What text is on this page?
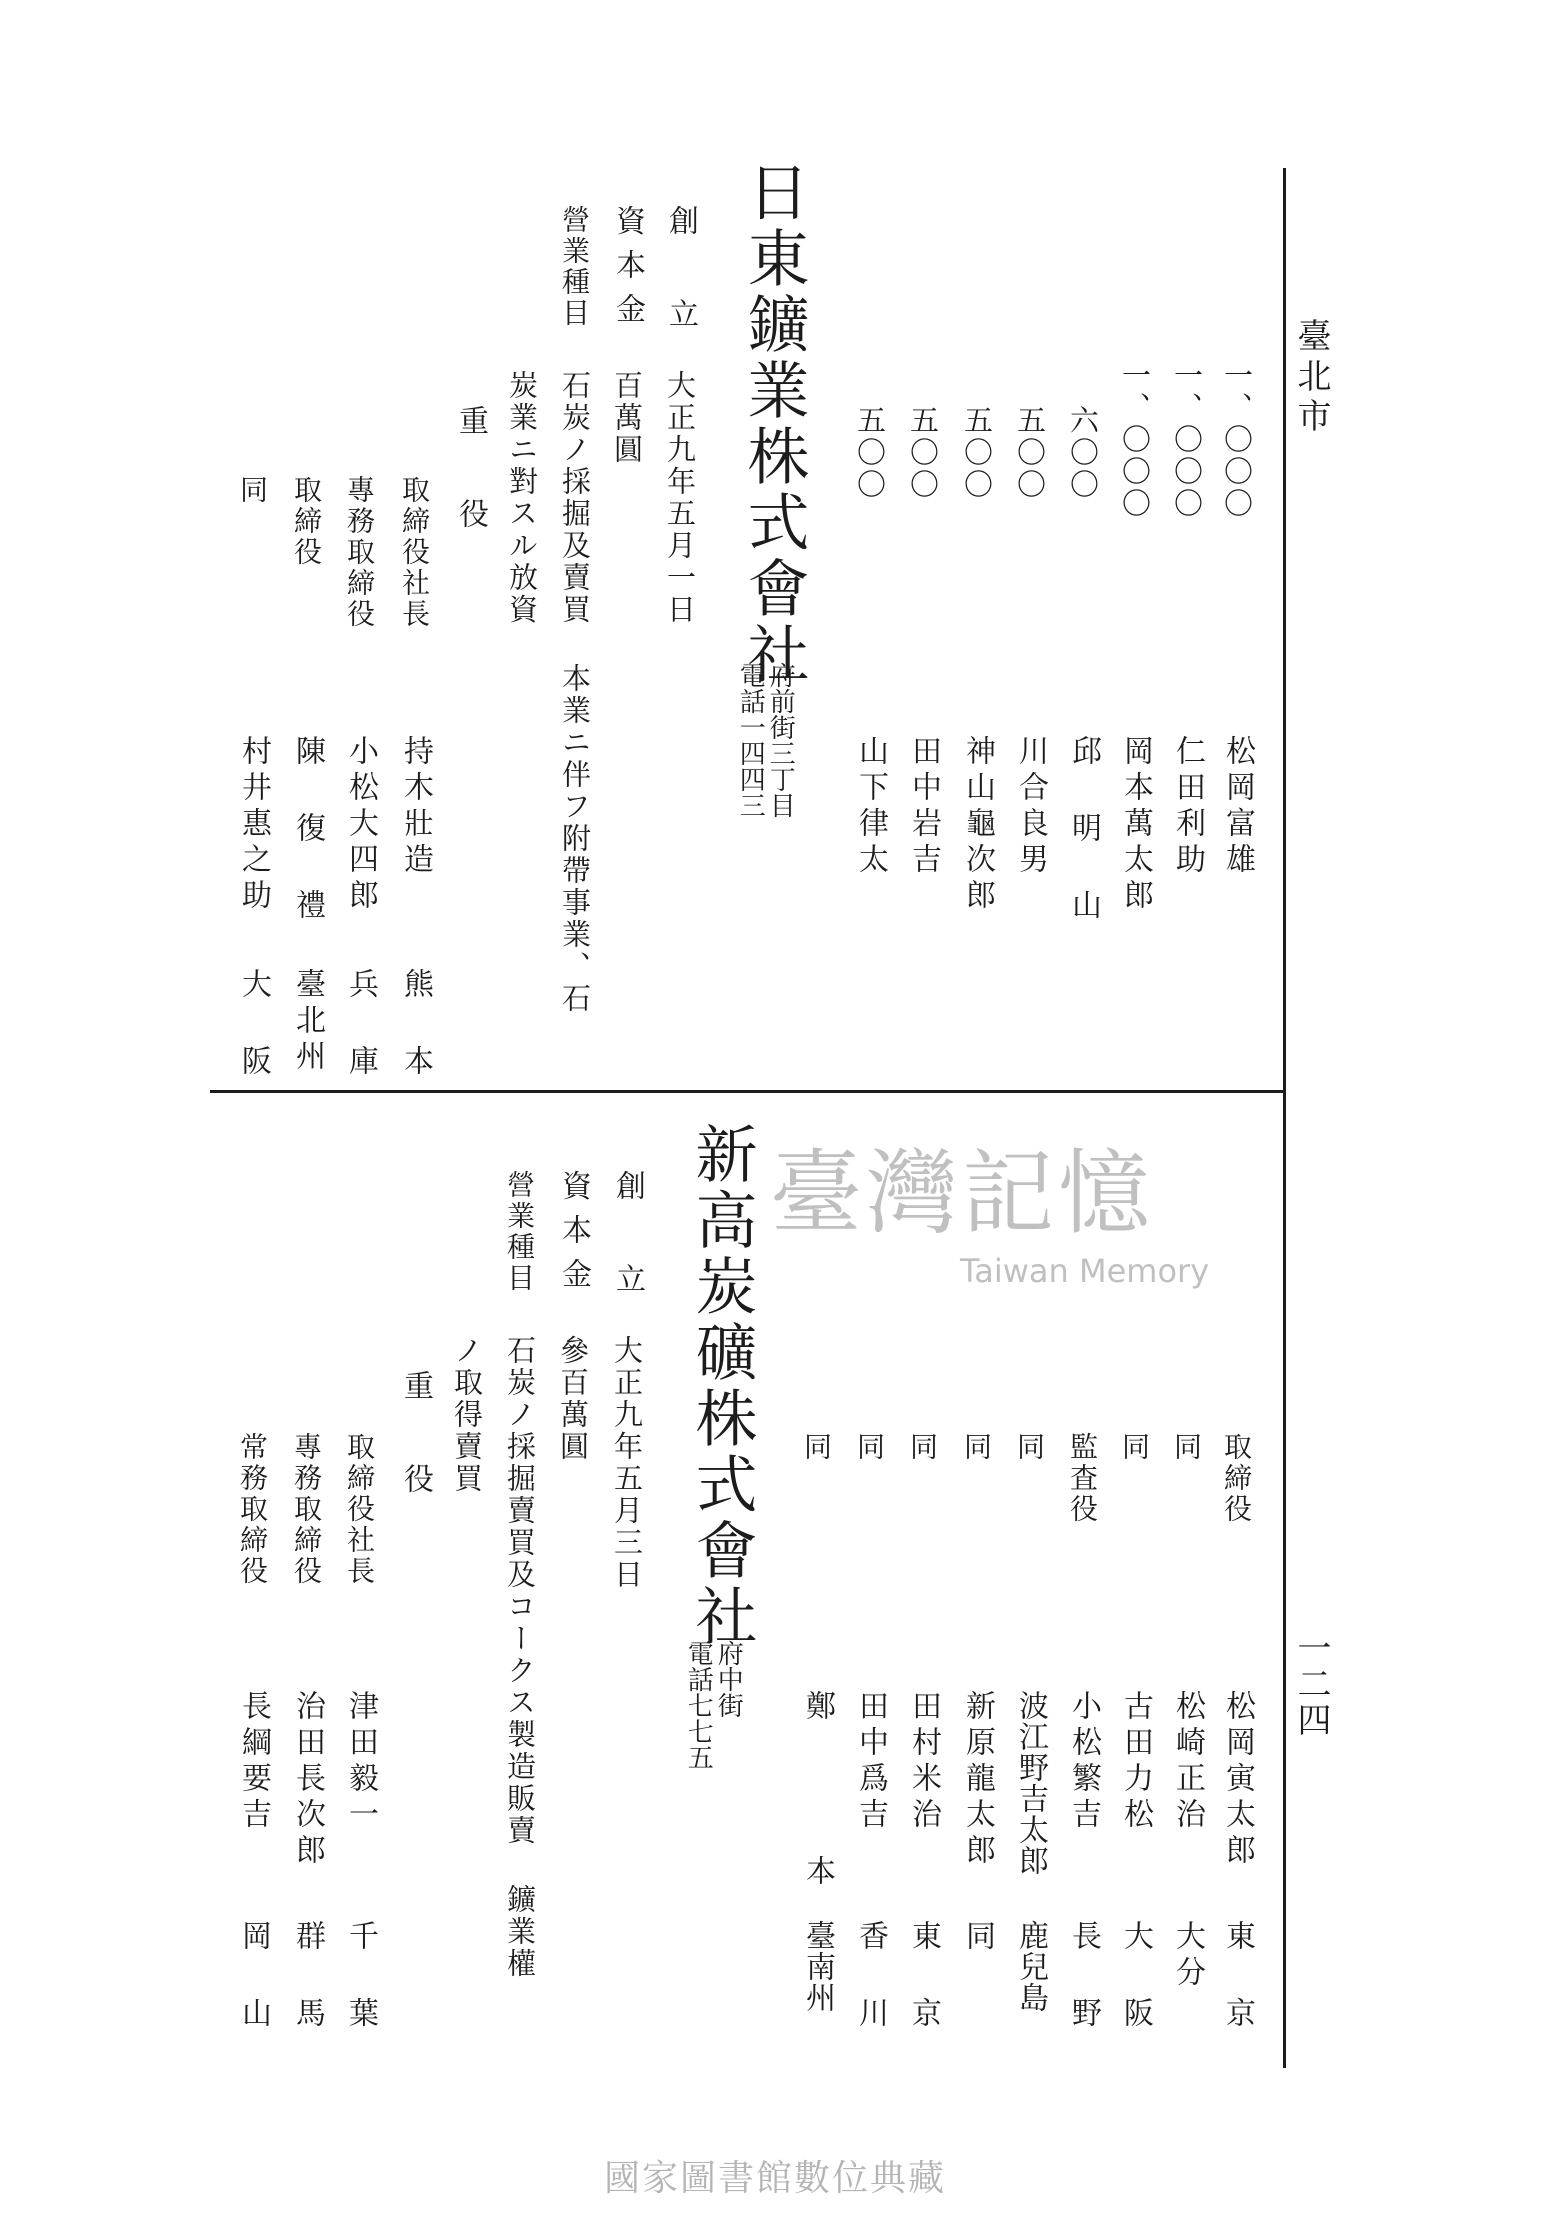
臺北市

一二四

一、〇〇〇

松岡富雄

一、〇〇〇

仁田利助

一、〇〇〇

岡本萬太郎

六〇〇

邱 明 山

五〇〇

川合良男

五〇〇

神山龜次郎

五〇〇

田中岩吉

五〇〇

山下律太

日東鑛業株式會社

府前街三丁目

電話一四四三

創 立

大正九年五月一日

資本金

百萬圓

營業種目

石炭ノ採掘及賣買 本業ニ伴フ附帶事業、石

炭業ニ對スル放資

重 役

取締役社長

持木壯造

熊 本

專務取締役

小松大四郎

兵 庫

取締役

陳 復 禮

臺北州

同

村井惠之助

大 阪

取締役

松岡寅太郎

東 京

同

松崎正治

大分

同

古田力松

大 阪

監査役

小松繁吉

長 野

同

波江野吉太郎

鹿兒島

同

新原龍太郎

同

同

田村米治

東 京

同

田中爲吉

香 川

同

鄭 本

臺南州

臺灣記憶
Taiwan Memory

新高炭礦株式會社

府中街

電話七七五

創 立

大正九年五月三日

資本金

參百萬圓

營業種目

石炭ノ採掘賣買及コークス製造販賣 鑛業權

ノ取得賣買

重 役

取締役社長

津田毅一

千 葉

專務取締役

治田長次郎

群 馬

常務取締役

長綱要吉

岡 山

國家圖書館數位典藏
